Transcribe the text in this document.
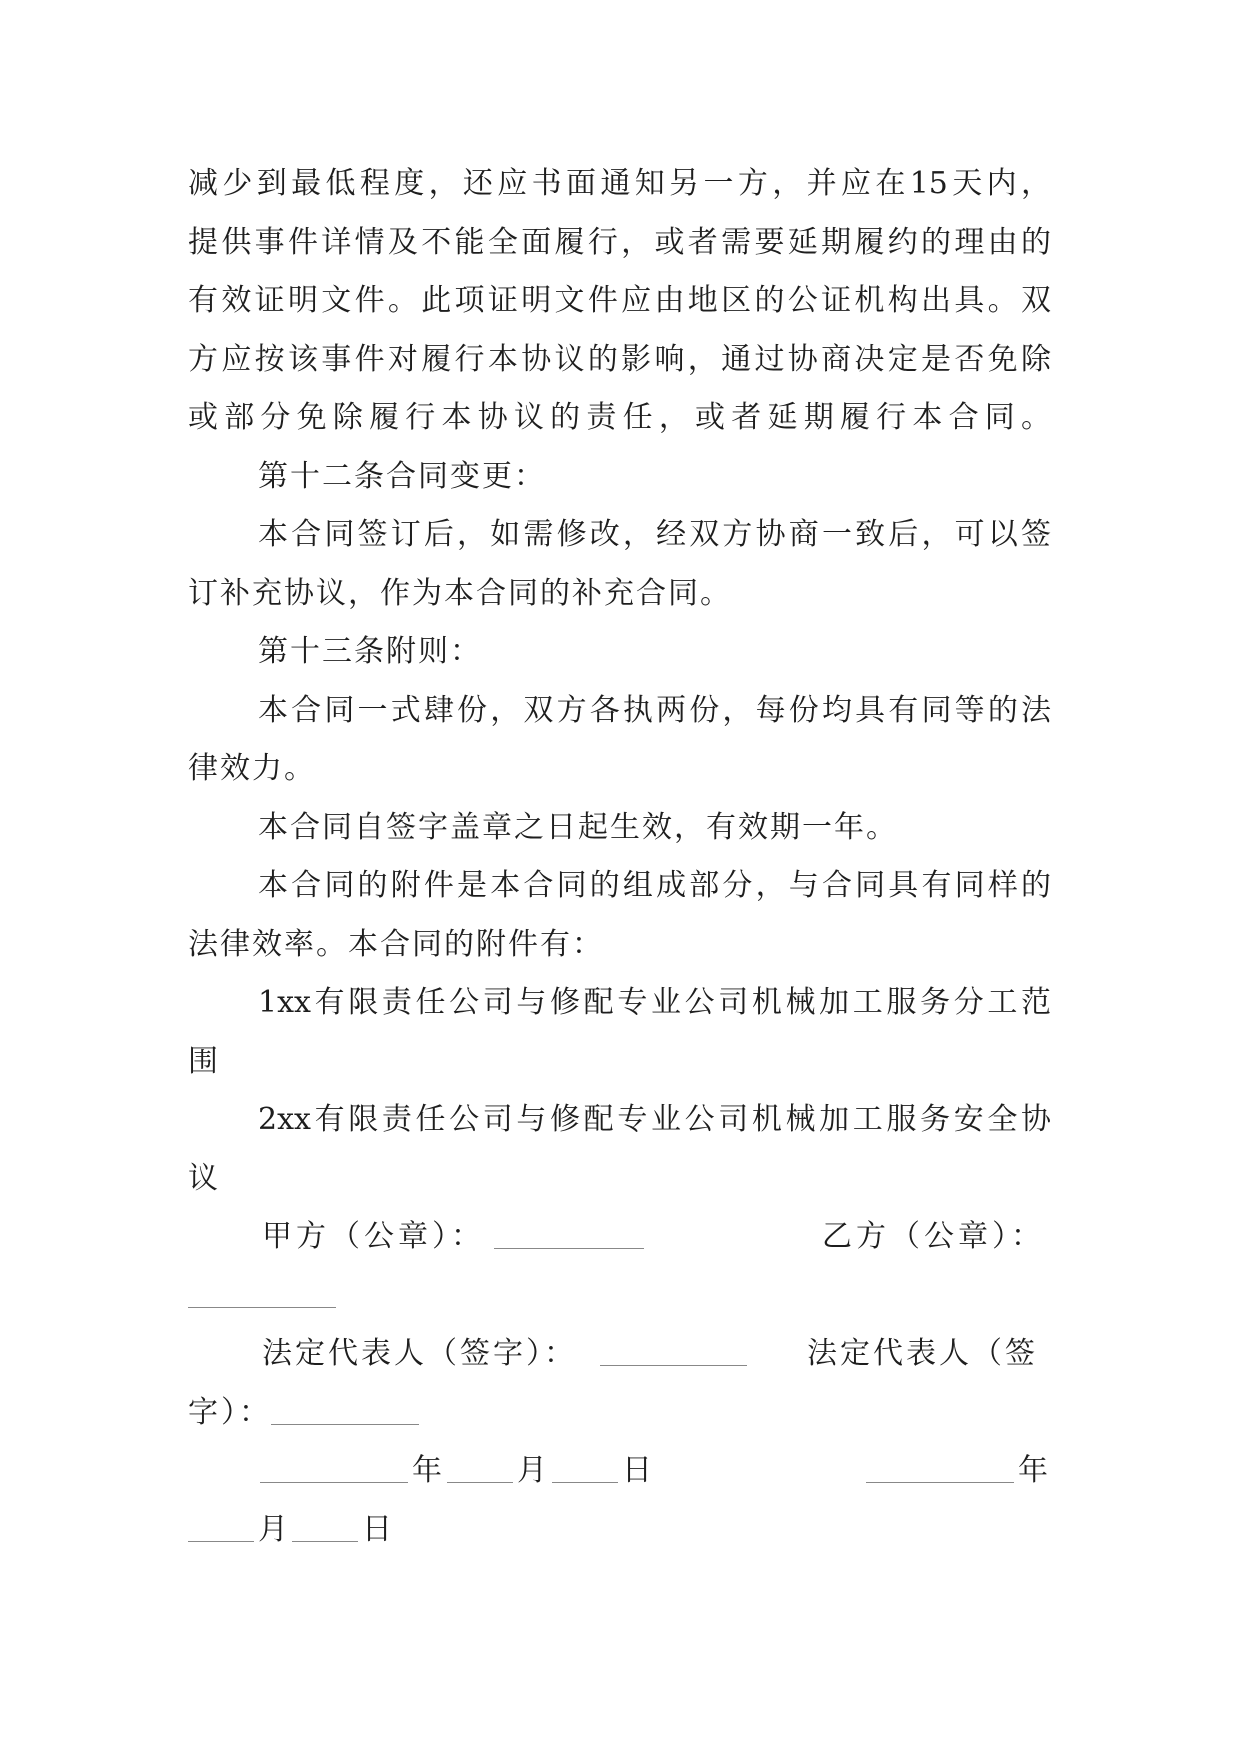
减少到最低程度，还应书面通知另一方，并应在15天内，
提供事件详情及不能全面履行，或者需要延期履约的理由的
有效证明文件。此项证明文件应由地区的公证机构出具。双
方应按该事件对履行本协议的影响，通过协商决定是否免除
或部分免除履行本协议的责任，或者延期履行本合同。
第十二条合同变更：
本合同签订后，如需修改，经双方协商一致后，可以签
订补充协议，作为本合同的补充合同。
第十三条附则：
本合同一式肆份，双方各执两份，每份均具有同等的法
律效力。
本合同自签字盖章之日起生效，有效期一年。
本合同的附件是本合同的组成部分，与合同具有同样的
法律效率。本合同的附件有：
1xx有限责任公司与修配专业公司机械加工服务分工范
围
2xx有限责任公司与修配专业公司机械加工服务安全协
议
甲方（公章）：	乙方（公章）：
法定代表人（签字）：	法定代表人（签
字）：
年 月 日	年
月 日
